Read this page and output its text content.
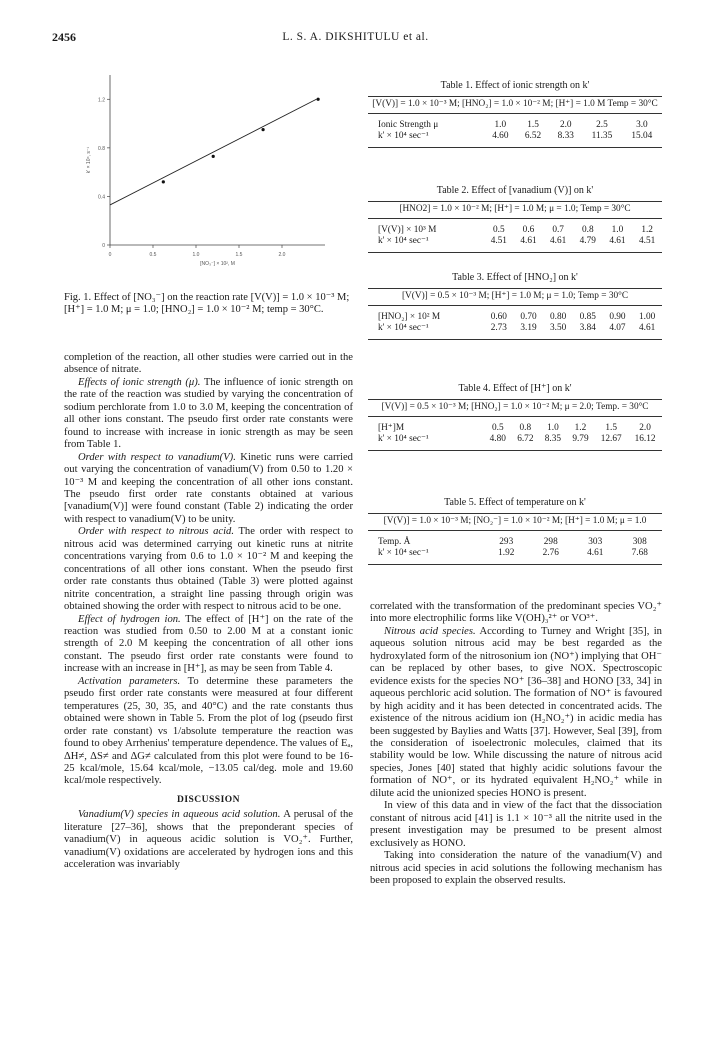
2456	L. S. A. DIKSHITULU et al.
0	0.5	1.0	1.5	2.0
0
0.4
0.8
1.2
[NO₃⁻] × 10², M
k' × 10⁴, s⁻¹
Fig. 1. Effect of [NO₃⁻] on the reaction rate [V(V)] = 1.0 × 10⁻³ M; [H⁺] = 1.0 M; μ = 1.0; [HNO₂] = 1.0 × 10⁻² M; temp = 30°C.

completion of the reaction, all other studies were carried out in the absence of nitrate.

Effects of ionic strength (μ). The influence of ionic strength on the rate of the reaction was studied by varying the concentration of sodium perchlorate from 1.0 to 3.0 M, keeping the concentration of all other ions constant. The pseudo first order rate constants were found to increase with increase in ionic strength as may be seen from Table 1.

Order with respect to vanadium(V). Kinetic runs were carried out varying the concentration of vanadium(V) from 0.50 to 1.20 × 10⁻³ M and keeping the concentration of all other ions constant. The pseudo first order rate constants obtained at various [vanadium(V)] were found constant (Table 2) indicating the order with respect to vanadium(V) to be unity.

Order with respect to nitrous acid. The order with respect to nitrous acid was determined carrying out kinetic runs at nitrite concentrations varying from 0.6 to 1.0 × 10⁻² M and keeping the concentrations of all other ions constant. When the pseudo first order rate constants thus obtained (Table 3) were plotted against nitrite concentration, a straight line passing through origin was obtained showing the order with respect to nitrous acid to be one.

Effect of hydrogen ion. The effect of [H⁺] on the rate of the reaction was studied from 0.50 to 2.00 M at a constant ionic strength of 2.0 M keeping the concentration of all other ions constant. The pseudo first order rate constants were found to increase with an increase in [H⁺], as may be seen from Table 4.

Activation parameters. To determine these parameters the pseudo first order rate constants were measured at four different temperatures (25, 30, 35, and 40°C) and the rate constants thus obtained were shown in Table 5. From the plot of log (pseudo first order rate constant) vs 1/absolute temperature the reaction was found to obey Arrhenius' temperature dependence. The values of Eₐ, ΔH≠, ΔS≠ and ΔG≠ calculated from this plot were found to be 16-25 kcal/mole, 15.64 kcal/mole, −13.05 cal/deg. mole and 19.60 kcal/mole respectively.

DISCUSSION

Vanadium(V) species in aqueous acid solution. A perusal of the literature [27–36], shows that the preponderant species of vanadium(V) in aqueous acidic solution is VO₂⁺. Further, vanadium(V) oxidations are accelerated by hydrogen ions and this acceleration was invariably

correlated with the transformation of the predominant species VO₂⁺ into more electrophilic forms like V(OH)₃²⁺ or VO³⁺.

Nitrous acid species. According to Turney and Wright [35], in aqueous solution nitrous acid may be best regarded as the hydroxylated form of the nitrosonium ion (NO⁺) implying that OH⁻ can be replaced by other bases, to give NOX. Spectroscopic evidence exists for the species NO⁺ [36–38] and HONO [33, 34] in aqueous perchloric acid solution. The formation of NO⁺ is favoured by high acidity and it has been detected in concentrated acids. The existence of the nitrous acidium ion (H₂NO₂⁺) in acidic media has been suggested by Baylies and Watts [37]. However, Seal [39], from the consideration of isoelectronic molecules, claimed that its stability would be low. While discussing the nature of nitrous acid species, Jones [40] stated that highly acidic solutions favour the formation of NO⁺, or its hydrated equivalent H₂NO₂⁺ while in dilute acid the unionized species HONO is present.

In view of this data and in view of the fact that the dissociation constant of nitrous acid [41] is 1.1 × 10⁻³ all the nitrite used in the present investigation may be presumed to be present almost exclusively as HONO.

Taking into consideration the nature of the vanadium(V) and nitrous acid species in acid solutions the following mechanism has been proposed to explain the observed results.

Table 1. Effect of ionic strength on k'
[V(V)] = 1.0 × 10⁻³ M; [HNO₂] = 1.0 × 10⁻² M; [H⁺] = 1.0 M Temp = 30°C
Ionic Strength μ	1.0	1.5	2.0	2.5	3.0
k' × 10⁴ sec⁻¹	4.60	6.52	8.33	11.35	15.04
Table 2. Effect of [vanadium (V)] on k'
[HNO2] = 1.0 × 10⁻² M; [H⁺] = 1.0 M; μ = 1.0; Temp = 30°C
[V(V)] × 10³ M	0.5	0.6	0.7	0.8	1.0	1.2
k' × 10⁴ sec⁻¹	4.51	4.61	4.61	4.79	4.61	4.51
Table 3. Effect of [HNO₂] on k'
[V(V)] = 0.5 × 10⁻³ M; [H⁺] = 1.0 M; μ = 1.0; Temp = 30°C
[HNO₂] × 10² M	0.60	0.70	0.80	0.85	0.90	1.00
k' × 10⁴ sec⁻¹	2.73	3.19	3.50	3.84	4.07	4.61
Table 4. Effect of [H⁺] on k'
[V(V)] = 0.5 × 10⁻³ M; [HNO₂] = 1.0 × 10⁻² M; μ = 2.0; Temp. = 30°C
[H⁺]M	0.5	0.8	1.0	1.2	1.5	2.0
k' × 10⁴ sec⁻¹	4.80	6.72	8.35	9.79	12.67	16.12
Table 5. Effect of temperature on k'
[V(V)] = 1.0 × 10⁻³ M; [NO₂⁻] = 1.0 × 10⁻² M; [H⁺] = 1.0 M; μ = 1.0
Temp. Å	293	298	303	308
k' × 10⁴ sec⁻¹	1.92	2.76	4.61	7.68
